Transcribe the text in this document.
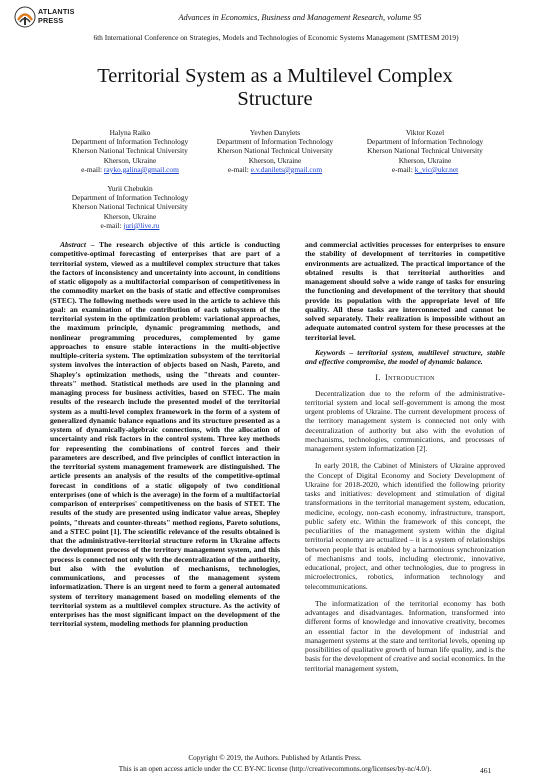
ATLANTIS
PRESS	Advances in Economics, Business and Management Research, volume 95
6th International Conference on Strategies, Models and Technologies of Economic Systems Management (SMTESM 2019)
Territorial System as a Multilevel Complex
Structure
Halyna Raiko
Department of Information Technology
Kherson National Technical University
Kherson, Ukraine
e-mail: rayko.galina@gmail.com
Yevhen Danylets
Department of Information Technology
Kherson National Technical University
Kherson, Ukraine
e-mail: e.v.danilets@gmail.com
Viktor Kozel
Department of Information Technology
Kherson National Technical University
Kherson, Ukraine
e-mail: k_vic@ukr.net
Yurii Chebukin
Department of Information Technology
Kherson National Technical University
Kherson, Ukraine
e-mail: juri@live.ru

Abstract – The research objective of this article is conducting competitive-optimal forecasting of enterprises that are part of a territorial system, viewed as a multilevel complex structure that takes the factors of inconsistency and uncertainty into account, in conditions of static oligopoly as a multifactorial comparison of competitiveness in the commodity market on the basis of static and effective compromises (STEC). The following methods were used in the article to achieve this goal: an examination of the contribution of each subsystem of the territorial system in the optimization problem: variational approaches, the maximum principle, dynamic programming methods, and nonlinear programming procedures, complemented by game approaches to ensure stable interactions in the multi-objective multiple-criteria system. The optimization subsystem of the territorial system involves the interaction of objects based on Nash, Pareto, and Shapley's optimization methods, using the "threats and counter-threats" method. Statistical methods are used in the planning and managing process for business activities, based on STEC. The main results of the research include the presented model of the territorial system as a multi-level complex framework in the form of a system of generalized dynamic balance equations and its structure presented as a system of dynamically-algebraic connections, with the allocation of uncertainty and risk factors in the control system. Three key methods for representing the combinations of control forces and their parameters are described, and five principles of conflict interaction in the territorial system management framework are distinguished. The article presents an analysis of the results of the competitive-optimal forecast in conditions of a static oligopoly of two conditional enterprises (one of which is the average) in the form of a multifactorial comparison of enterprises' competitiveness on the basis of STET. The results of the study are presented using indicator value areas, Shepley points, "threats and counter-threats" method regions, Pareto solutions, and a STEC point [1]. The scientific relevance of the results obtained is that the administrative-territorial structure reform in Ukraine affects the development process of the territory management system, and this process is connected not only with the decentralization of the authority, but also with the evolution of mechanisms, technologies, communications, and processes of the management system informatization. There is an urgent need to form a general automated system of territory management based on modeling elements of the territorial system as a multilevel complex structure. As the activity of enterprises has the most significant impact on the development of the territorial system, modeling methods for planning production

and commercial activities processes for enterprises to ensure the stability of development of territories in competitive environments are actualized. The practical importance of the obtained results is that territorial authorities and management should solve a wide range of tasks for ensuring the functioning and development of the territory that should provide its population with the appropriate level of life quality. All these tasks are interconnected and cannot be solved separately. Their realization is impossible without an adequate automated control system for these processes at the territorial level.

Keywords – territorial system, multilevel structure, stable and effective compromise, the model of dynamic balance.

I. Introduction

Decentralization due to the reform of the administrative-territorial system and local self-government is among the most urgent problems of Ukraine. The current development process of the territory management system is connected not only with decentralization of authority but also with the evolution of mechanisms, technologies, communications, and processes of management system informatization [2].

In early 2018, the Cabinet of Ministers of Ukraine approved the Concept of Digital Economy and Society Development of Ukraine for 2018-2020, which identified the following priority tasks and initiatives: development and stimulation of digital transformations in the territorial management system, education, medicine, ecology, non-cash economy, infrastructure, transport, public safety etc. Within the framework of this concept, the peculiarities of the management system within the digital territorial economy are actualized – it is a system of relationships between people that is enabled by a harmonious synchronization of mechanisms and tools, including electronic, innovative, educational, project, and other technologies, due to progress in microelectronics, robotics, information technology and telecommunications.

The informatization of the territorial economy has both advantages and disadvantages. Information, transformed into different forms of knowledge and innovative creativity, becomes an essential factor in the development of industrial and management systems at the state and territorial levels, opening up possibilities of qualitative growth of human life quality, and is the basis for the development of creative and social economics. In the territorial management system,

Copyright © 2019, the Authors. Published by Atlantis Press.
This is an open access article under the CC BY-NC license (http://creativecommons.org/licenses/by-nc/4.0/).	461
